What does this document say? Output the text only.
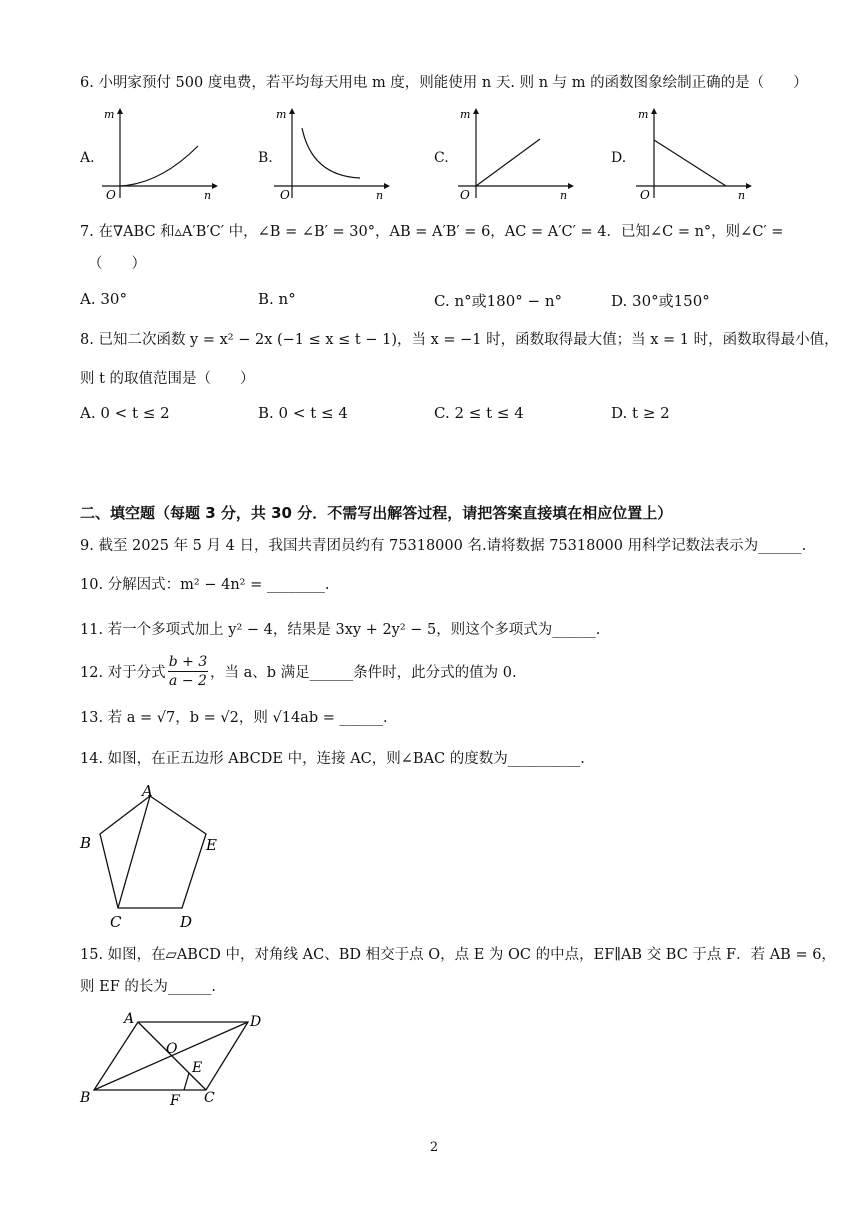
6. 小明家预付 500 度电费，若平均每天用电 m 度，则能使用 n 天. 则 n 与 m 的函数图象绘制正确的是（　　）
A.
m
n
O
B.
m
n
O
C.
m
n
O
D.
m
n
O
7. 在∇ABC 和▵A′B′C′ 中，∠B = ∠B′ = 30°，AB = A′B′ = 6，AC = A′C′ = 4．已知∠C = n°，则∠C′ =
（　　）
A. 30°	B. n°	C. n°或180° − n°	D. 30°或150°
8. 已知二次函数 y = x² − 2x (−1 ≤ x ≤ t − 1)，当 x = −1 时，函数取得最大值；当 x = 1 时，函数取得最小值，
则 t 的取值范围是（　　）
A. 0 < t ≤ 2	B. 0 < t ≤ 4	C. 2 ≤ t ≤ 4	D. t ≥ 2
二、填空题（每题 3 分，共 30 分．不需写出解答过程，请把答案直接填在相应位置上）
9. 截至 2025 年 5 月 4 日，我国共青团员约有 75318000 名.请将数据 75318000 用科学记数法表示为______.
10. 分解因式：m² − 4n² = ________.
11. 若一个多项式加上 y² − 4，结果是 3xy + 2y² − 5，则这个多项式为______.
12. 对于分式 $\frac{b + 3}{a - 2}$ ，当 a、b 满足______条件时，此分式的值为 0.
13. 若 a = √7，b = √2，则 √14ab = ______.
14. 如图，在正五边形 ABCDE 中，连接 AC，则∠BAC 的度数为__________.
A
B
C	D
E
15. 如图，在▱ABCD 中，对角线 AC、BD 相交于点 O，点 E 为 OC 的中点，EF∥AB 交 BC 于点 F．若 AB = 6，
则 EF 的长为______.
A	D
O
E
B	F C
2
